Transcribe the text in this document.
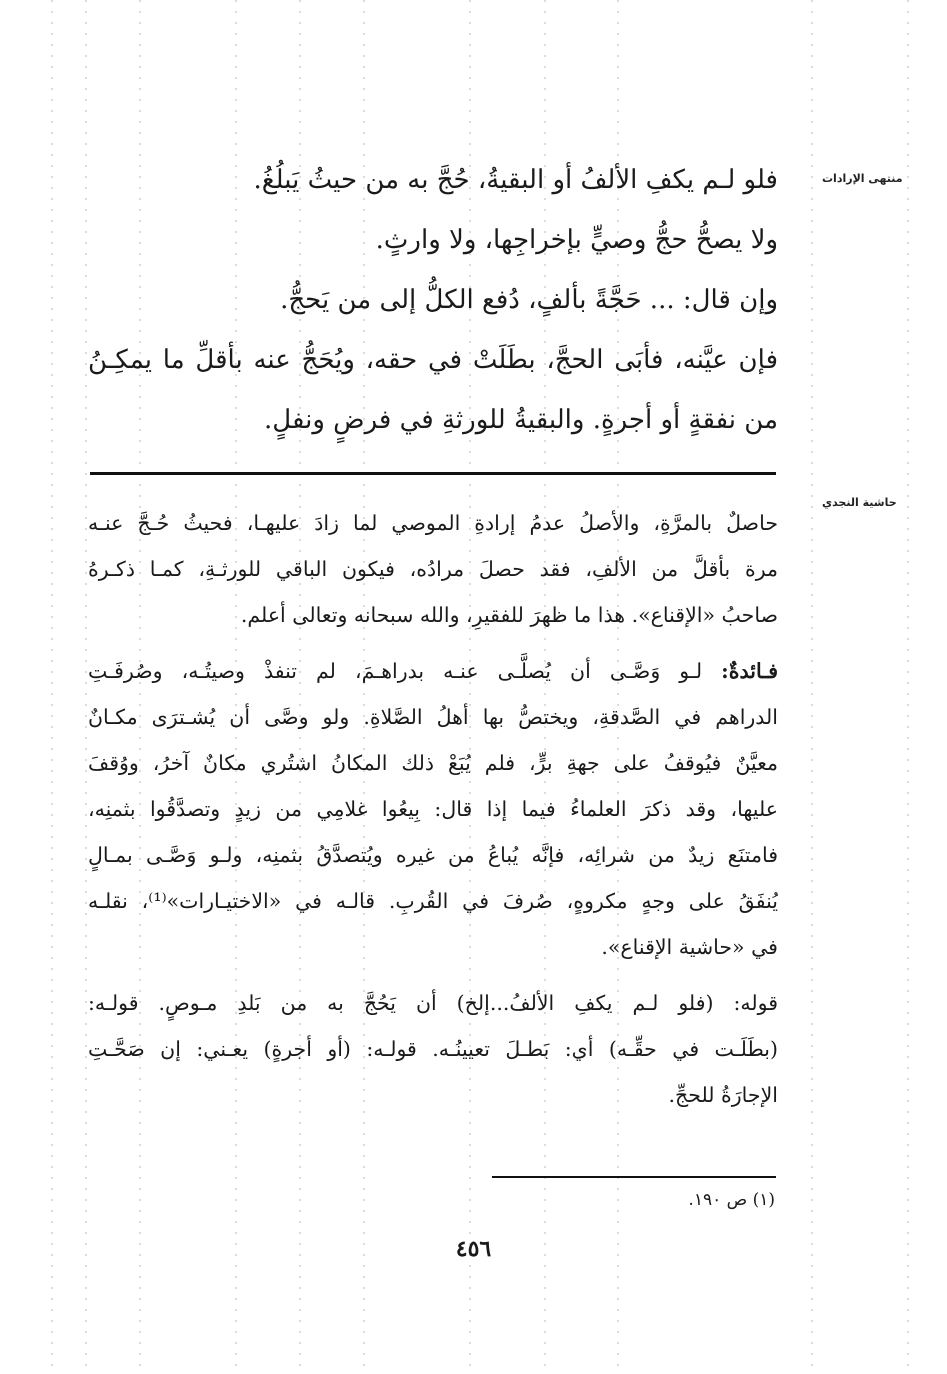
منتهى الإرادات
حاشية النجدي
فلو لـم يكفِ الألفُ أو البقيةُ، حُجَّ به من حيثُ يَبلُغُ.
ولا يصحُّ حجُّ وصيٍّ بإخراجِها، ولا وارثٍ.
وإن قال: ... حَجَّةً بألفٍ، دُفع الكلُّ إلى من يَحجُّ.
فإن عيَّنه، فأبَى الحجَّ، بطَلَتْ في حقه، ويُحَجُّ عنه بأقلِّ ما يمكِـنُ
من نفقةٍ أو أجرةٍ. والبقيةُ للورثةِ في فرضٍ ونفلٍ.
حاصلٌ بالمرَّةِ، والأصلُ عدمُ إرادةِ الموصي لما زادَ عليهـا، فحيثُ حُـجَّ عنـه
مرة بأقلَّ من الألفِ، فقد حصلَ مرادُه، فيكون الباقي للورثـةِ، كمـا ذكـرهُ
صاحبُ «الإقناع». هذا ما ظهرَ للفقيرِ، والله سبحانه وتعالى أعلم.
فـائدةٌ: لـو وَصَّـى أن يُصلَّـى عنـه بدراهـمَ، لم تنفذْ وصيتُـه، وصُرفَـتِ
الدراهم في الصَّدقةِ، ويختصُّ بها أهلُ الصَّلاةِ. ولو وصَّى أن يُشـترَى مكـانٌ
معيَّنٌ فيُوقفُ على جهةِ برٍّ، فلم يُبَعْ ذلك المكانُ اشتُري مكانٌ آخرُ، ووُقفَ
عليها، وقد ذكرَ العلماءُ فيما إذا قال: بِيعُوا غلامِي من زيدٍ وتصدَّقُوا بثمنِه،
فامتنَع زيدٌ من شرائِه، فإنَّه يُباعُ من غيره ويُتصدَّقُ بثمنِه، ولـو وَصَّـى بمـالٍ
يُنفَقُ على وجهٍ مكروهٍ، صُرفَ في القُربِ. قالـه في «الاختيـارات»⁽¹⁾، نقلـه
في «حاشية الإقناع».
قوله: (فلو لـم يكفِ الألفُ...إلخ) أن يَحُجَّ به من بَلدِ مـوصٍ. قولـه:
(بطَلَـت في حقِّـه) أي: بَطـلَ تعيينُـه. قولـه: (أو أجرةٍ) يعـني: إن صَحَّـتِ
الإجارَةُ للحجِّ.
(١) ص ١٩٠.
٤٥٦
